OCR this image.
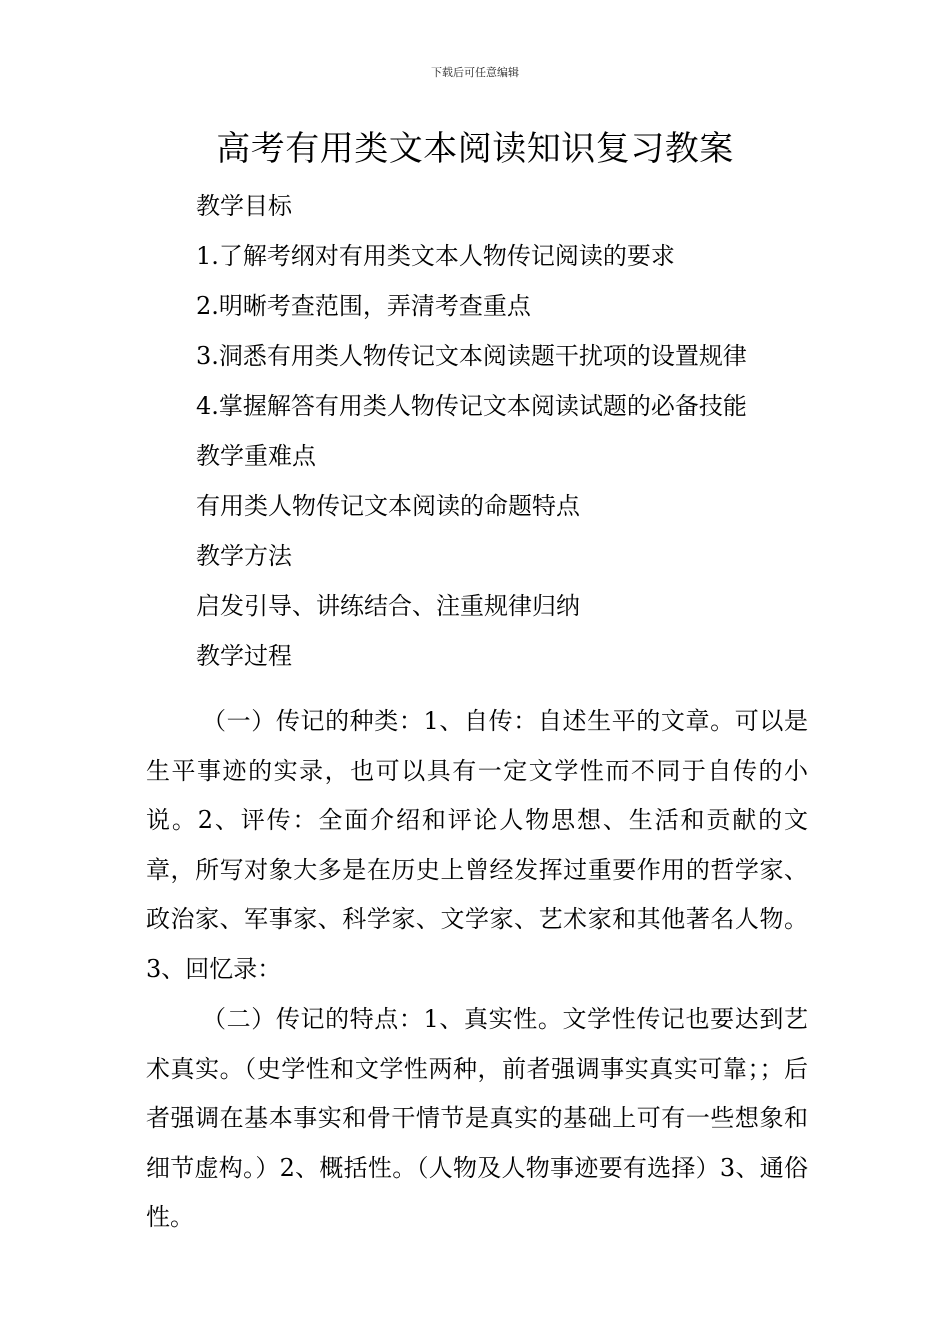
下载后可任意编辑
高考有用类文本阅读知识复习教案
教学目标
1.了解考纲对有用类文本人物传记阅读的要求
2.明晰考查范围，弄清考查重点
3.洞悉有用类人物传记文本阅读题干扰项的设置规律
4.掌握解答有用类人物传记文本阅读试题的必备技能
教学重难点
有用类人物传记文本阅读的命题特点
教学方法
启发引导、讲练结合、注重规律归纳
教学过程

（一）传记的种类：1、自传：自述生平的文章。可以是生平事迹的实录，也可以具有一定文学性而不同于自传的小说。2、评传：全面介绍和评论人物思想、生活和贡献的文章，所写对象大多是在历史上曾经发挥过重要作用的哲学家、政治家、军事家、科学家、文学家、艺术家和其他著名人物。3、回忆录：

（二）传记的特点：1、真实性。文学性传记也要达到艺术真实。（史学性和文学性两种，前者强调事实真实可靠；；后者强调在基本事实和骨干情节是真实的基础上可有一些想象和细节虚构。）2、概括性。（人物及人物事迹要有选择）3、通俗性。
